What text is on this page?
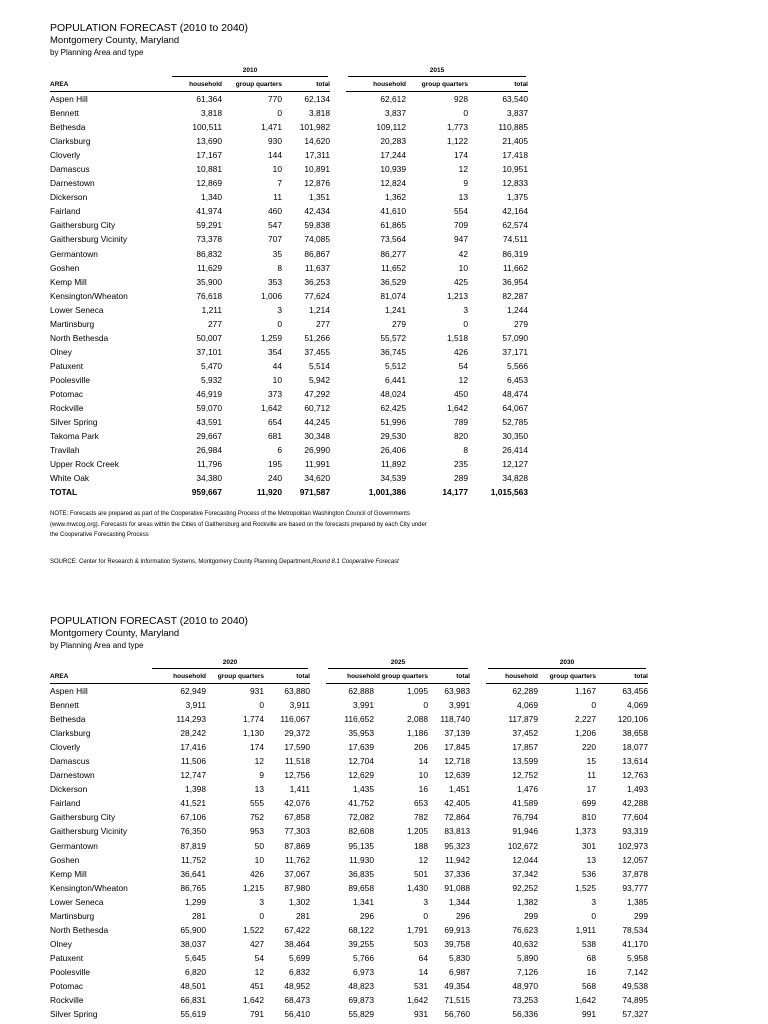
POPULATION FORECAST (2010 to 2040)
Montgomery County, Maryland
by Planning Area and type

	2010				2015		

AREA	household	group quarters	total		household	group quarters	total
Aspen Hill	61,364	770	62,134		62,612	928	63,540
Bennett	3,818	0	3,818		3,837	0	3,837
Bethesda	100,511	1,471	101,982		109,112	1,773	110,885
Clarksburg	13,690	930	14,620		20,283	1,122	21,405
Cloverly	17,167	144	17,311		17,244	174	17,418
Damascus	10,881	10	10,891		10,939	12	10,951
Darnestown	12,869	7	12,876		12,824	9	12,833
Dickerson	1,340	11	1,351		1,362	13	1,375
Fairland	41,974	460	42,434		41,610	554	42,164
Gaithersburg City	59,291	547	59,838		61,865	709	62,574
Gaithersburg Vicinity	73,378	707	74,085		73,564	947	74,511
Germantown	86,832	35	86,867		86,277	42	86,319
Goshen	11,629	8	11,637		11,652	10	11,662
Kemp Mill	35,900	353	36,253		36,529	425	36,954
Kensington/Wheaton	76,618	1,006	77,624		81,074	1,213	82,287
Lower Seneca	1,211	3	1,214		1,241	3	1,244
Martinsburg	277	0	277		279	0	279
North Bethesda	50,007	1,259	51,266		55,572	1,518	57,090
Olney	37,101	354	37,455		36,745	426	37,171
Patuxent	5,470	44	5,514		5,512	54	5,566
Poolesville	5,932	10	5,942		6,441	12	6,453
Potomac	46,919	373	47,292		48,024	450	48,474
Rockville	59,070	1,642	60,712		62,425	1,642	64,067
Silver Spring	43,591	654	44,245		51,996	789	52,785
Takoma Park	29,667	681	30,348		29,530	820	30,350
Travilah	26,984	6	26,990		26,406	8	26,414
Upper Rock Creek	11,796	195	11,991		11,892	235	12,127
White Oak	34,380	240	34,620		34,539	289	34,828
TOTAL	959,667	11,920	971,587		1,001,386	14,177	1,015,563
NOTE: Forecasts are prepared as part of the Cooperative Forecasting Process of the Metropolitan Washington Council of Governments
(www.mwcog.org). Forecasts for areas within the Cities of Gaithersburg and Rockville are based on the forecasts prepared by each City under
the Cooperative Forecasting Process
SOURCE: Center for Research & Information Systems, Montgomery County Planning Department,Round 8.1 Cooperative Forecast
POPULATION FORECAST (2010 to 2040)
Montgomery County, Maryland
by Planning Area and type

	2020				2025				2030		

AREA	household	group quarters	total		household group quarters		total		household	group quarters	total
Aspen Hill	62,949	931	63,880		62,888	1,095	63,983		62,289	1,167	63,456
Bennett	3,911	0	3,911		3,991	0	3,991		4,069	0	4,069
Bethesda	114,293	1,774	116,067		116,652	2,088	118,740		117,879	2,227	120,106
Clarksburg	28,242	1,130	29,372		35,953	1,186	37,139		37,452	1,206	38,658
Cloverly	17,416	174	17,590		17,639	206	17,845		17,857	220	18,077
Damascus	11,506	12	11,518		12,704	14	12,718		13,599	15	13,614
Darnestown	12,747	9	12,756		12,629	10	12,639		12,752	11	12,763
Dickerson	1,398	13	1,411		1,435	16	1,451		1,476	17	1,493
Fairland	41,521	555	42,076		41,752	653	42,405		41,589	699	42,288
Gaithersburg City	67,106	752	67,858		72,082	782	72,864		76,794	810	77,604
Gaithersburg Vicinity	76,350	953	77,303		82,608	1,205	83,813		91,946	1,373	93,319
Germantown	87,819	50	87,869		95,135	188	95,323		102,672	301	102,973
Goshen	11,752	10	11,762		11,930	12	11,942		12,044	13	12,057
Kemp Mill	36,641	426	37,067		36,835	501	37,336		37,342	536	37,878
Kensington/Wheaton	86,765	1,215	87,980		89,658	1,430	91,088		92,252	1,525	93,777
Lower Seneca	1,299	3	1,302		1,341	3	1,344		1,382	3	1,385
Martinsburg	281	0	281		296	0	296		299	0	299
North Bethesda	65,900	1,522	67,422		68,122	1,791	69,913		76,623	1,911	78,534
Olney	38,037	427	38,464		39,255	503	39,758		40,632	538	41,170
Patuxent	5,645	54	5,699		5,766	64	5,830		5,890	68	5,958
Poolesville	6,820	12	6,832		6,973	14	6,987		7,126	16	7,142
Potomac	48,501	451	48,952		48,823	531	49,354		48,970	568	49,538
Rockville	66,831	1,642	68,473		69,873	1,642	71,515		73,253	1,642	74,895
Silver Spring	55,619	791	56,410		55,829	931	56,760		56,336	991	57,327
